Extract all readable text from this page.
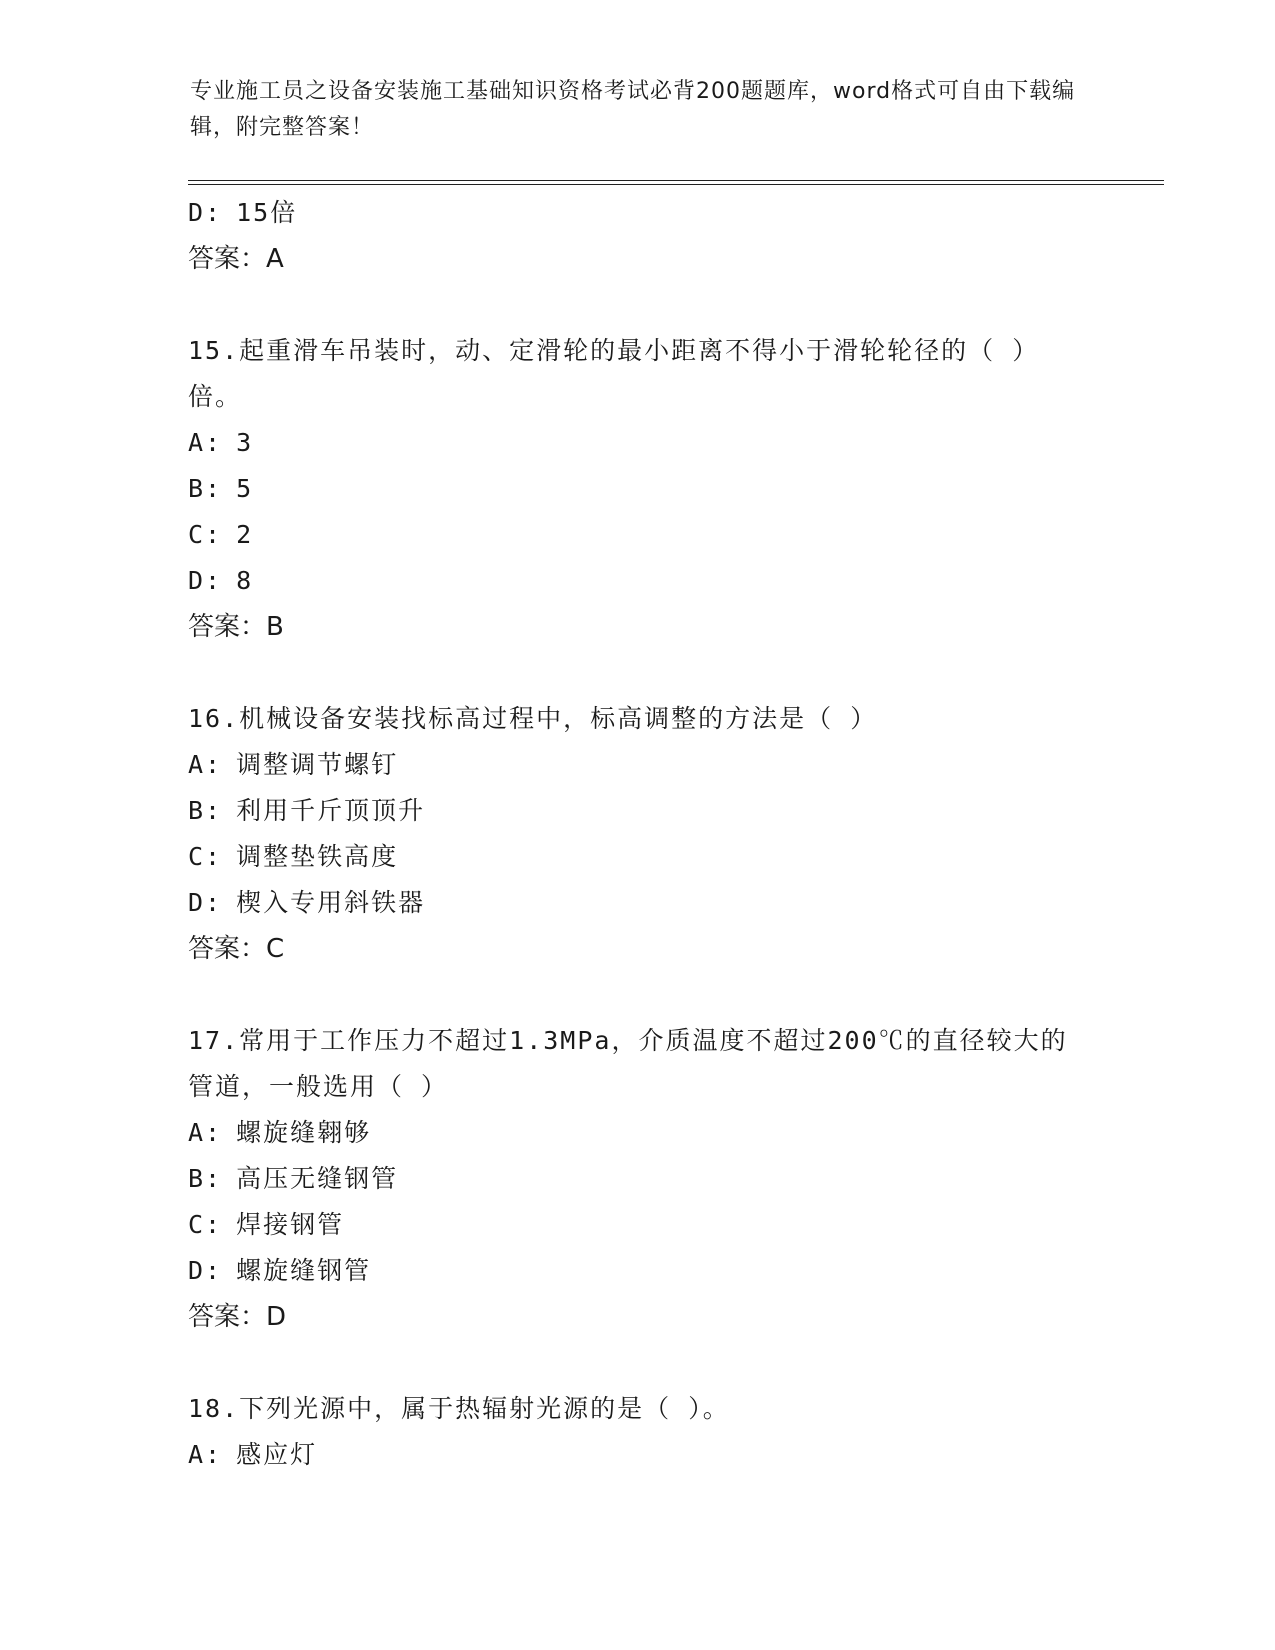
专业施工员之设备安装施工基础知识资格考试必背200题题库，word格式可自由下载编辑，附完整答案！
D: 15倍
答案：A
15.起重滑车吊装时，动、定滑轮的最小距离不得小于滑轮轮径的（ ）倍。
A: 3
B: 5
C: 2
D: 8
答案：B
16.机械设备安装找标高过程中，标高调整的方法是（ ）
A: 调整调节螺钉
B: 利用千斤顶顶升
C: 调整垫铁高度
D: 楔入专用斜铁器
答案：C
17.常用于工作压力不超过1.3MPa，介质温度不超过200℃的直径较大的管道，一般选用（ ）
A: 螺旋缝翱够
B: 高压无缝钢管
C: 焊接钢管
D: 螺旋缝钢管
答案：D
18.下列光源中，属于热辐射光源的是（ ）。
A: 感应灯
